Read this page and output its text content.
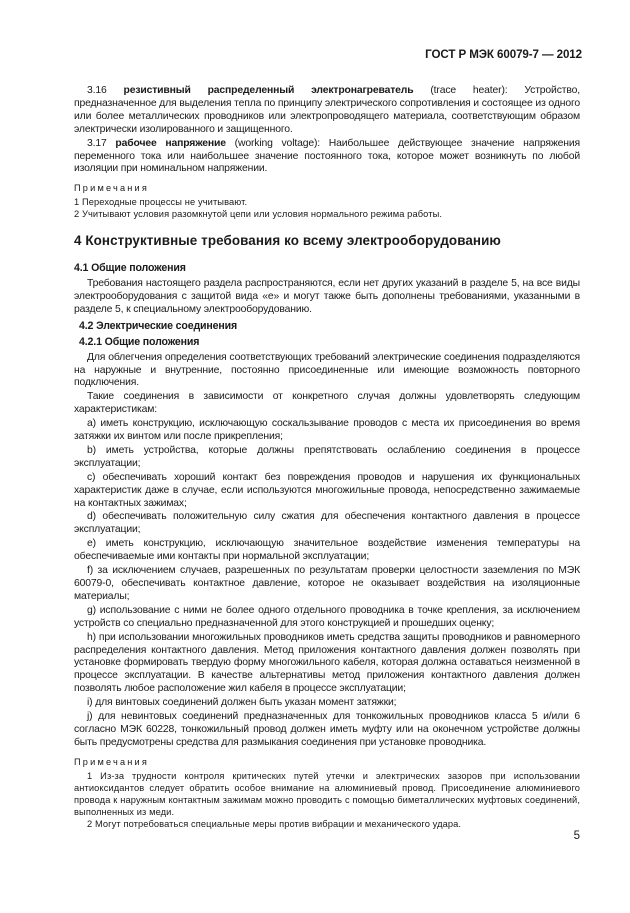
ГОСТ Р МЭК 60079-7 — 2012

3.16 резистивный распределенный электронагреватель (trace heater): Устройство, предназначенное для выделения тепла по принципу электрического сопротивления и состоящее из одного или более металлических проводников или электропроводящего материала, соответствующим образом электрически изолированного и защищенного.

3.17 рабочее напряжение (working voltage): Наибольшее действующее значение напряжения переменного тока или наибольшее значение постоянного тока, которое может возникнуть по любой изоляции при номинальном напряжении.

Примечания

1 Переходные процессы не учитывают.

2 Учитывают условия разомкнутой цепи или условия нормального режима работы.

4 Конструктивные требования ко всему электрооборудованию

4.1 Общие положения

Требования настоящего раздела распространяются, если нет других указаний в разделе 5, на все виды электрооборудования с защитой вида «е» и могут также быть дополнены требованиями, указанными в разделе 5, к специальному электрооборудованию.

4.2 Электрические соединения

4.2.1 Общие положения

Для облегчения определения соответствующих требований электрические соединения подразделяются на наружные и внутренние, постоянно присоединенные или имеющие возможность повторного подключения.

Такие соединения в зависимости от конкретного случая должны удовлетворять следующим характеристикам:

a) иметь конструкцию, исключающую соскальзывание проводов с места их присоединения во время затяжки их винтом или после прикрепления;

b) иметь устройства, которые должны препятствовать ослаблению соединения в процессе эксплуатации;

c) обеспечивать хороший контакт без повреждения проводов и нарушения их функциональных характеристик даже в случае, если используются многожильные провода, непосредственно зажимаемые на контактных зажимах;

d) обеспечивать положительную силу сжатия для обеспечения контактного давления в процессе эксплуатации;

e) иметь конструкцию, исключающую значительное воздействие изменения температуры на обеспечиваемые ими контакты при нормальной эксплуатации;

f) за исключением случаев, разрешенных по результатам проверки целостности заземления по МЭК 60079-0, обеспечивать контактное давление, которое не оказывает воздействия на изоляционные материалы;

g) использование с ними не более одного отдельного проводника в точке крепления, за исключением устройств со специально предназначенной для этого конструкцией и прошедших оценку;

h) при использовании многожильных проводников иметь средства защиты проводников и равномерного распределения контактного давления. Метод приложения контактного давления должен позволять при установке формировать твердую форму многожильного кабеля, которая должна оставаться неизменной в процессе эксплуатации. В качестве альтернативы метод приложения контактного давления должен позволять любое расположение жил кабеля в процессе эксплуатации;

i) для винтовых соединений должен быть указан момент затяжки;

j) для невинтовых соединений предназначенных для тонкожильных проводников класса 5 и/или 6 согласно МЭК 60228, тонкожильный провод должен иметь муфту или на оконечном устройстве должны быть предусмотрены средства для размыкания соединения при установке проводника.

Примечания

1 Из-за трудности контроля критических путей утечки и электрических зазоров при использовании антиоксидантов следует обратить особое внимание на алюминиевый провод. Присоединение алюминиевого провода к наружным контактным зажимам можно проводить с помощью биметаллических муфтовых соединений, выполненных из меди.

2 Могут потребоваться специальные меры против вибрации и механического удара.

5
